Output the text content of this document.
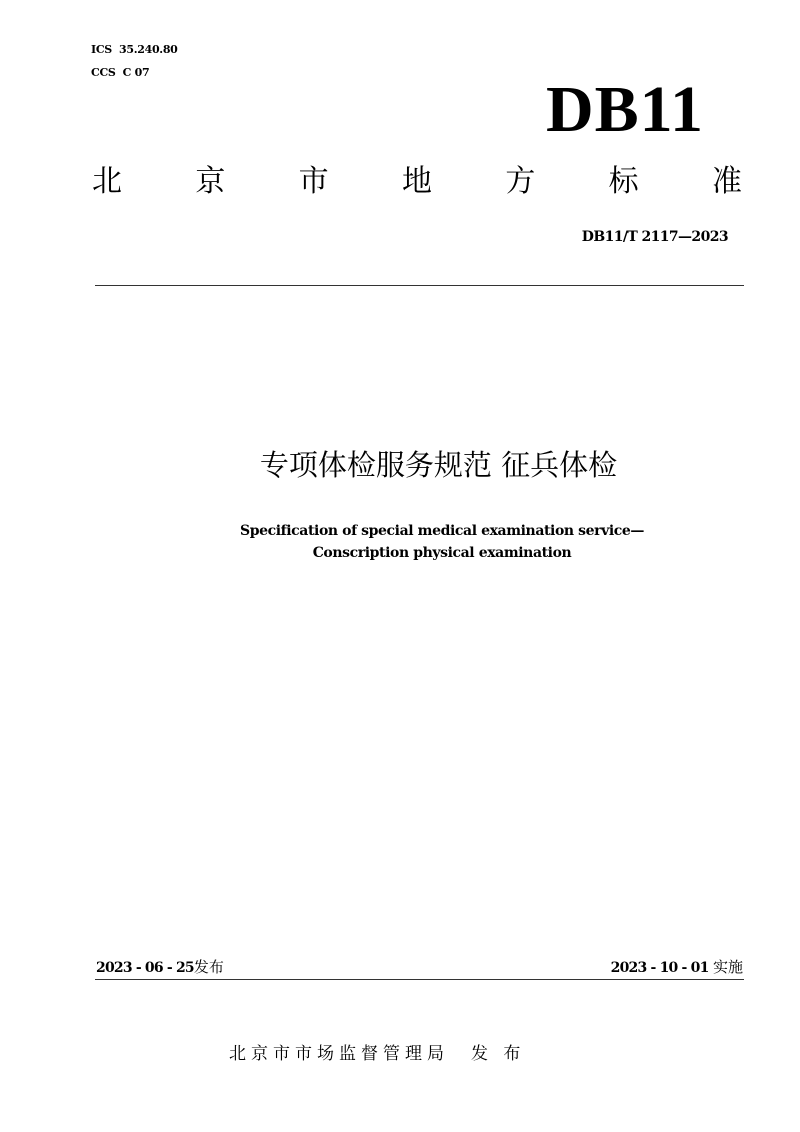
ICS  35.240.80
CCS  C 07
DB11
北 京 市 地 方 标 准
DB11/T 2117—2023
专项体检服务规范 征兵体检
Specification of special medical examination service—
Conscription physical examination
2023 - 06 - 25发布	2023 - 10 - 01 实施
北京市市场监督管理局 发 布
